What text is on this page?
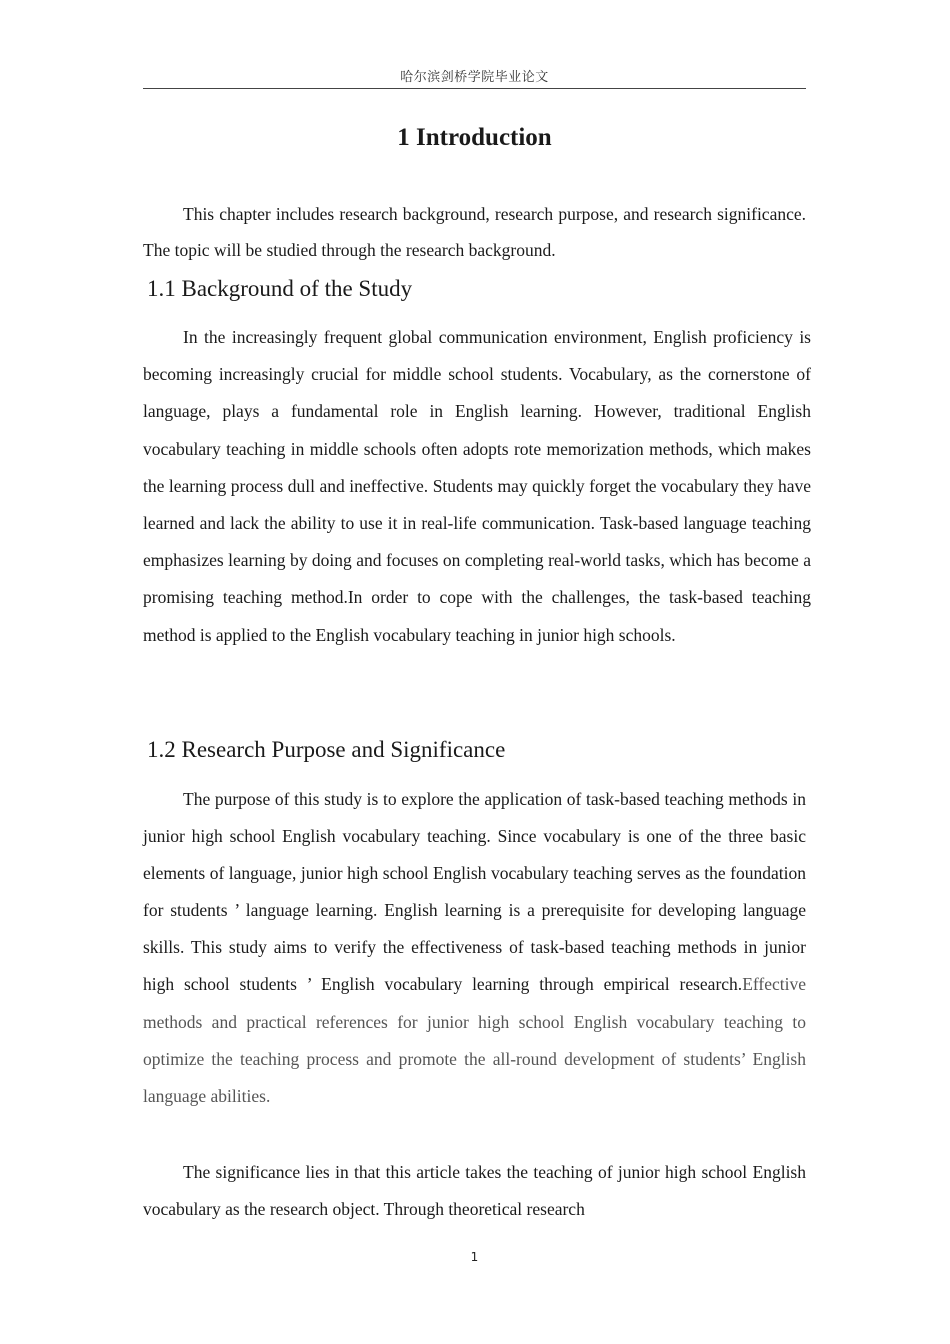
哈尔滨剑桥学院毕业论文
1 Introduction

This chapter includes research background, research purpose, and research significance. The topic will be studied through the research background.

1.1 Background of the Study

In the increasingly frequent global communication environment, English proficiency is becoming increasingly crucial for middle school students. Vocabulary, as the cornerstone of language, plays a fundamental role in English learning. However, traditional English vocabulary teaching in middle schools often adopts rote memorization methods, which makes the learning process dull and ineffective. Students may quickly forget the vocabulary they have learned and lack the ability to use it in real-life communication. Task-based language teaching emphasizes learning by doing and focuses on completing real-world tasks, which has become a promising teaching method.In order to cope with the challenges, the task-based teaching method is applied to the English vocabulary teaching in junior high schools.

1.2 Research Purpose and Significance

The purpose of this study is to explore the application of task-based teaching methods in junior high school English vocabulary teaching. Since vocabulary is one of the three basic elements of language, junior high school English vocabulary teaching serves as the foundation for students ’ language learning. English learning is a prerequisite for developing language skills. This study aims to verify the effectiveness of task-based teaching methods in junior high school students ’ English vocabulary learning through empirical research.Effective methods and practical references for junior high school English vocabulary teaching to optimize the teaching process and promote the all-round development of students’ English language abilities.

The significance lies in that this article takes the teaching of junior high school English vocabulary as the research object. Through theoretical research

1
